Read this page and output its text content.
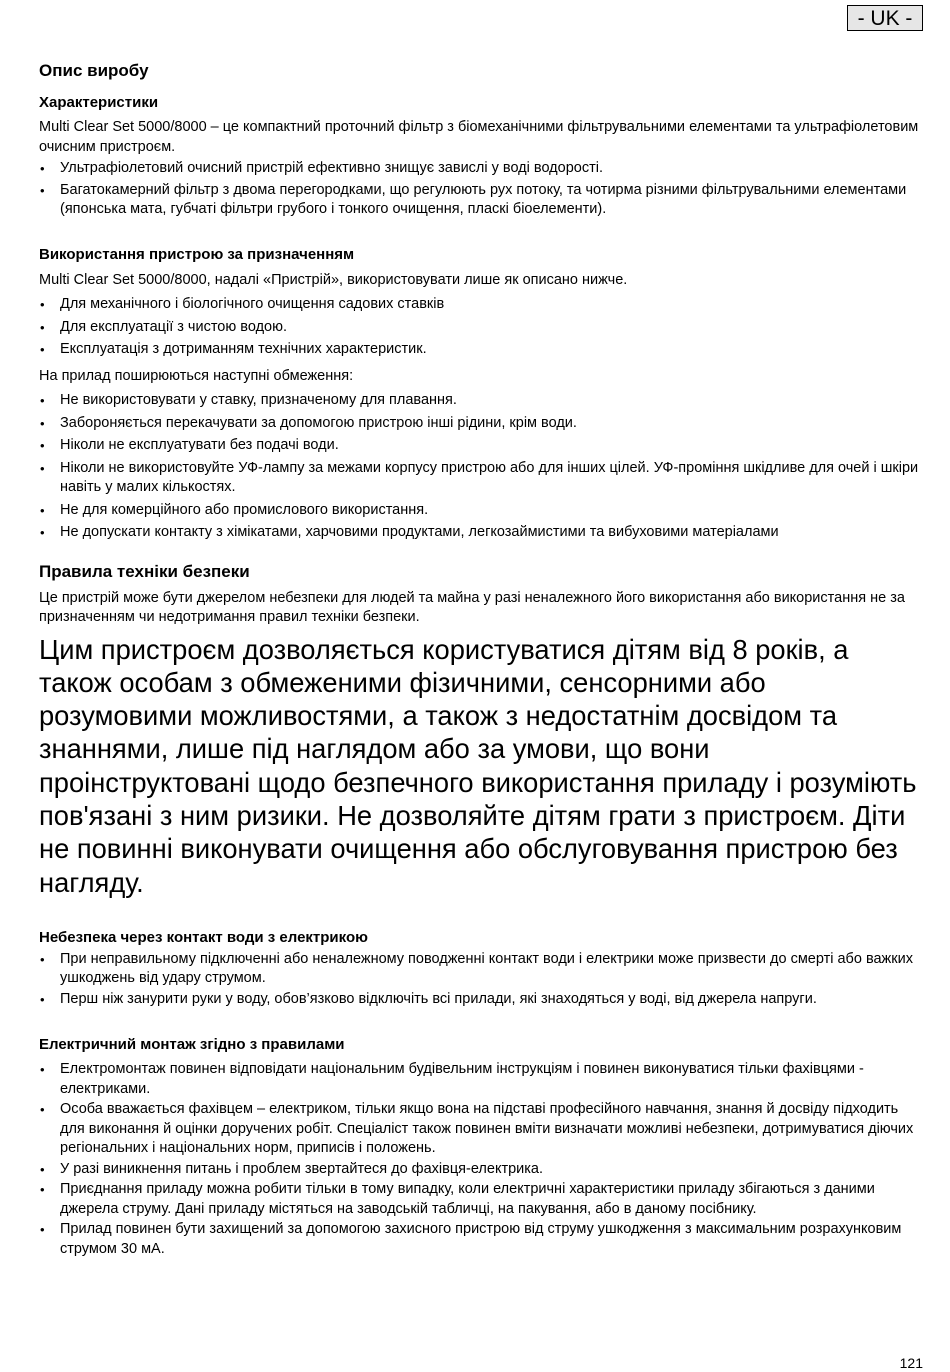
- UK -
Опис виробу
Характеристики

Multi Clear Set 5000/8000 – це компактний проточний фільтр з біомеханічними фільтрувальними елементами та ультрафіолетовим очисним пристроєм.

• Ультрафіолетовий очисний пристрій ефективно знищує завислі у воді водорості.
• Багатокамерний фільтр з двома перегородками, що регулюють рух потоку, та чотирма різними фільтрувальними елементами (японська мата, губчаті фільтри грубого і тонкого очищення, пласкі біоелементи).
Використання пристрою за призначенням

Multi Clear Set 5000/8000, надалі «Пристрій», використовувати лише як описано нижче.

• Для механічного і біологічного очищення садових ставків
• Для експлуатації з чистою водою.
• Експлуатація з дотриманням технічних характеристик.

На прилад поширюються наступні обмеження:

• Не використовувати у ставку, призначеному для плавання.
• Забороняється перекачувати за допомогою пристрою інші рідини, крім води.
• Ніколи не експлуатувати без подачі води.
• Ніколи не використовуйте УФ-лампу за межами корпусу пристрою або для інших цілей. УФ-проміння шкідливе для очей і шкіри навіть у малих кількостях.
• Не для комерційного або промислового використання.
• Не допускати контакту з хімікатами, харчовими продуктами, легкозаймистими та вибуховими матеріалами
Правила техніки безпеки

Це пристрій може бути джерелом небезпеки для людей та майна у разі неналежного його використання або використання не за призначенням чи недотримання правил техніки безпеки.

Цим пристроєм дозволяється користуватися дітям від 8 років, а також особам з обмеженими фізичними, сенсорними або розумовими можливостями, а також з недостатнім досвідом та знаннями, лише під наглядом або за умови, що вони проінструктовані щодо безпечного використання приладу і розуміють пов'язані з ним ризики. Не дозволяйте дітям грати з пристроєм. Діти не повинні виконувати очищення або обслуговування пристрою без нагляду.

Небезпека через контакт води з електрикою
• При неправильному підключенні або неналежному поводженні контакт води і електрики може призвести до смерті або важких ушкоджень від удару струмом.
• Перш ніж занурити руки у воду, обов’язково відключіть всі прилади, які знаходяться у воді, від джерела напруги.
Електричний монтаж згідно з правилами
• Електромонтаж повинен відповідати національним будівельним інструкціям і повинен виконуватися тільки фахівцями - електриками.
• Особа вважається фахівцем – електриком, тільки якщо вона на підставі професійного навчання, знання й досвіду підходить для виконання й оцінки доручених робіт. Спеціаліст також повинен вміти визначати можливі небезпеки, дотримуватися діючих регіональних і національних норм, приписів і положень.
• У разі виникнення питань і проблем звертайтеся до фахівця-електрика.
• Приєднання приладу можна робити тільки в тому випадку, коли електричні характеристики приладу збігаються з даними джерела струму. Дані приладу містяться на заводській табличці, на пакування, або в даному посібнику.
• Прилад повинен бути захищений за допомогою захисного пристрою від струму ушкодження з максимальним розрахунковим струмом 30 мА.
121
